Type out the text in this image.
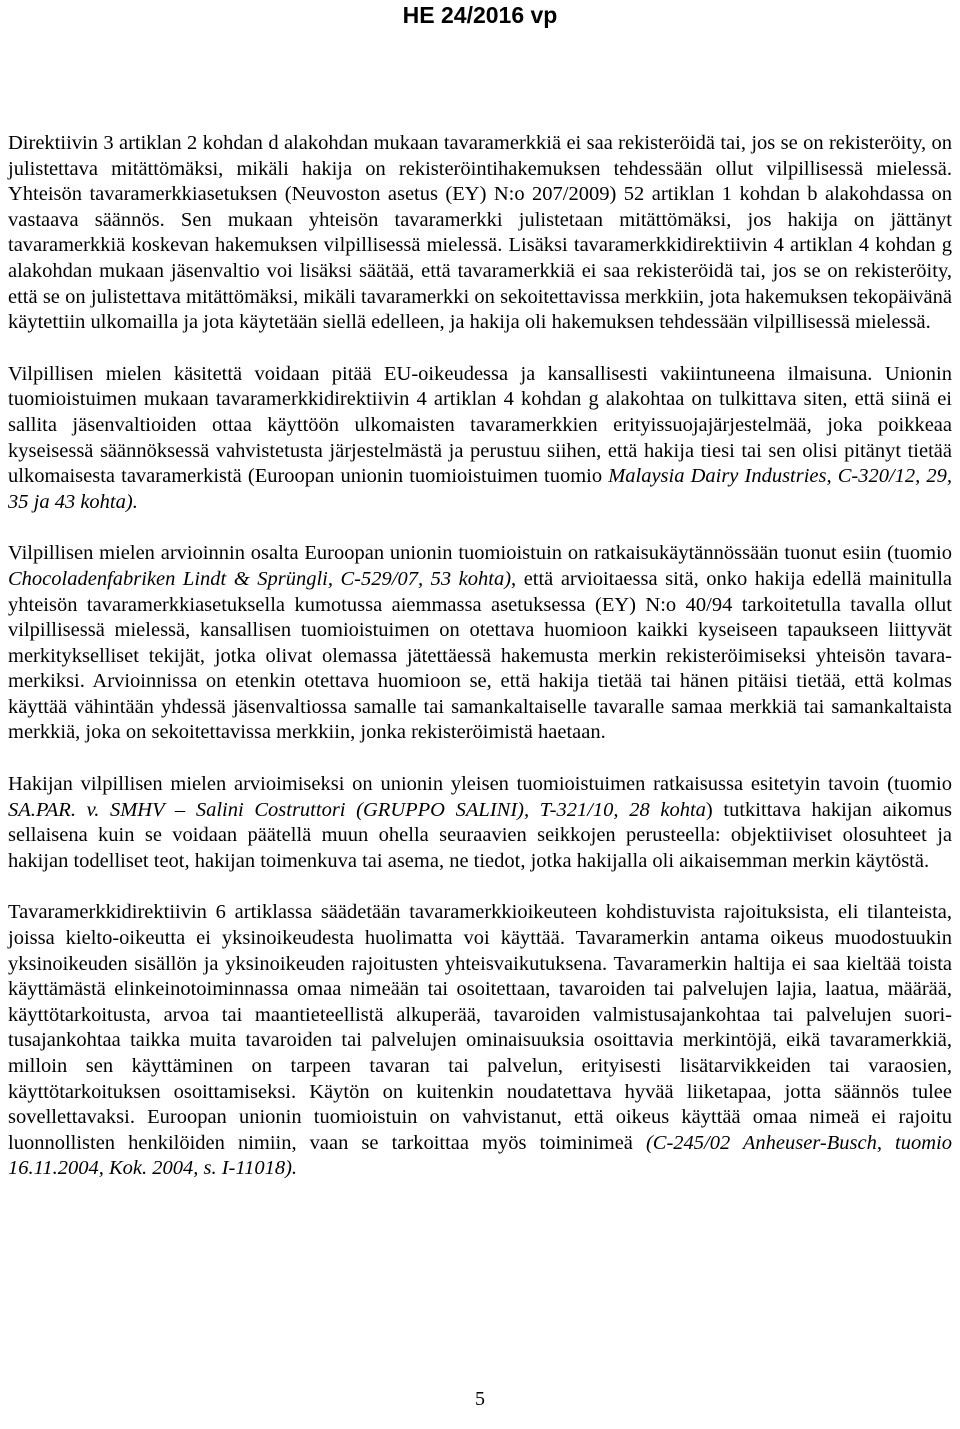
HE 24/2016 vp

Direktiivin 3 artiklan 2 kohdan d alakohdan mukaan tavaramerkkiä ei saa rekisteröidä tai, jos se on rekisteröity, on julistettava mitättömäksi, mikäli hakija on rekisteröintihakemuksen tehdessään ollut vilpillisessä mielessä. Yhteisön tavaramerkkiasetuksen (Neuvoston asetus (EY) N:o 207/2009) 52 artiklan 1 kohdan b alakohdassa on vastaava säännös. Sen mukaan yhteisön tavaramerkki julistetaan mitättömäksi, jos hakija on jättänyt tavaramerkkiä koskevan hakemuksen vilpillisessä mielessä. Lisäksi tavaramerkkidirektiivin 4 artiklan 4 kohdan g alakohdan mukaan jäsenvaltio voi lisäksi säätää, että tavaramerkkiä ei saa rekisteröidä tai, jos se on rekisteröity, että se on julistettava mitättömäksi, mikäli tavaramerkki on sekoitettavissa merkkiin, jota hakemuksen tekopäivänä käytettiin ulkomailla ja jota käytetään siellä edelleen, ja hakija oli hakemuksen tehdessään vilpillisessä mielessä.

Vilpillisen mielen käsitettä voidaan pitää EU-oikeudessa ja kansallisesti vakiintuneena ilmaisuna. Unionin tuomioistuimen mukaan tavaramerkkidirektiivin 4 artiklan 4 kohdan g alakohtaa on tulkittava siten, että siinä ei sallita jäsenvaltioiden ottaa käyttöön ulkomaisten tavaramerkkien erityissuojajärjestelmää, joka poikkeaa kyseisessä säännöksessä vahvistetusta järjestelmästä ja perustuu siihen, että hakija tiesi tai sen olisi pitänyt tietää ulkomaisesta tavaramerkistä (Euroopan unionin tuomioistuimen tuomio Malaysia Dairy Industries, C-320/12, 29, 35 ja 43 kohta).

Vilpillisen mielen arvioinnin osalta Euroopan unionin tuomioistuin on ratkaisukäytännössään tuonut esiin (tuomio Chocoladenfabriken Lindt & Sprüngli, C-529/07, 53 kohta), että arvioitaessa sitä, onko hakija edellä mainitulla yhteisön tavaramerkkiasetuksella kumotussa aiemmassa asetuksessa (EY) N:o 40/94 tarkoitetulla tavalla ollut vilpillisessä mielessä, kansallisen tuomioistuimen on otettava huomioon kaikki kyseiseen tapaukseen liittyvät merkitykselliset tekijät, jotka olivat olemassa jätettäessä hakemusta merkin rekisteröimiseksi yhteisön tavaramerkiksi. Arvioinnissa on etenkin otettava huomioon se, että hakija tietää tai hänen pitäisi tietää, että kolmas käyttää vähintään yhdessä jäsenvaltiossa samalle tai samankaltaiselle tavaralle samaa merkkiä tai samankaltaista merkkiä, joka on sekoitettavissa merkkiin, jonka rekisteröimistä haetaan.

Hakijan vilpillisen mielen arvioimiseksi on unionin yleisen tuomioistuimen ratkaisussa esitetyin tavoin (tuomio SA.PAR. v. SMHV – Salini Costruttori (GRUPPO SALINI), T-321/10, 28 kohta) tutkittava hakijan aikomus sellaisena kuin se voidaan päätellä muun ohella seuraavien seikkojen perusteella: objektiiviset olosuhteet ja hakijan todelliset teot, hakijan toimenkuva tai asema, ne tiedot, jotka hakijalla oli aikaisemman merkin käytöstä.

Tavaramerkkidirektiivin 6 artiklassa säädetään tavaramerkkioikeuteen kohdistuvista rajoituksista, eli tilanteista, joissa kielto-oikeutta ei yksinoikeudesta huolimatta voi käyttää. Tavaramerkin antama oikeus muodostuukin yksinoikeuden sisällön ja yksinoikeuden rajoitusten yhteisvaikutuksena. Tavaramerkin haltija ei saa kieltää toista käyttämästä elinkeinotoiminnassa omaa nimeään tai osoitettaan, tavaroiden tai palvelujen lajia, laatua, määrää, käyttötarkoitusta, arvoa tai maantieteellistä alkuperää, tavaroiden valmistusajankohtaa tai palvelujen suoritusajankohtaa taikka muita tavaroiden tai palvelujen ominaisuuksia osoittavia merkintöjä, eikä tavaramerkkiä, milloin sen käyttäminen on tarpeen tavaran tai palvelun, erityisesti lisätarvikkeiden tai varaosien, käyttötarkoituksen osoittamiseksi. Käytön on kuitenkin noudatettava hyvää liiketapaa, jotta säännös tulee sovellettavaksi. Euroopan unionin tuomioistuin on vahvistanut, että oikeus käyttää omaa nimeä ei rajoitu luonnollisten henkilöiden nimiin, vaan se tarkoittaa myös toiminimeä (C-245/02 Anheuser-Busch, tuomio 16.11.2004, Kok. 2004, s. I-11018).

5
